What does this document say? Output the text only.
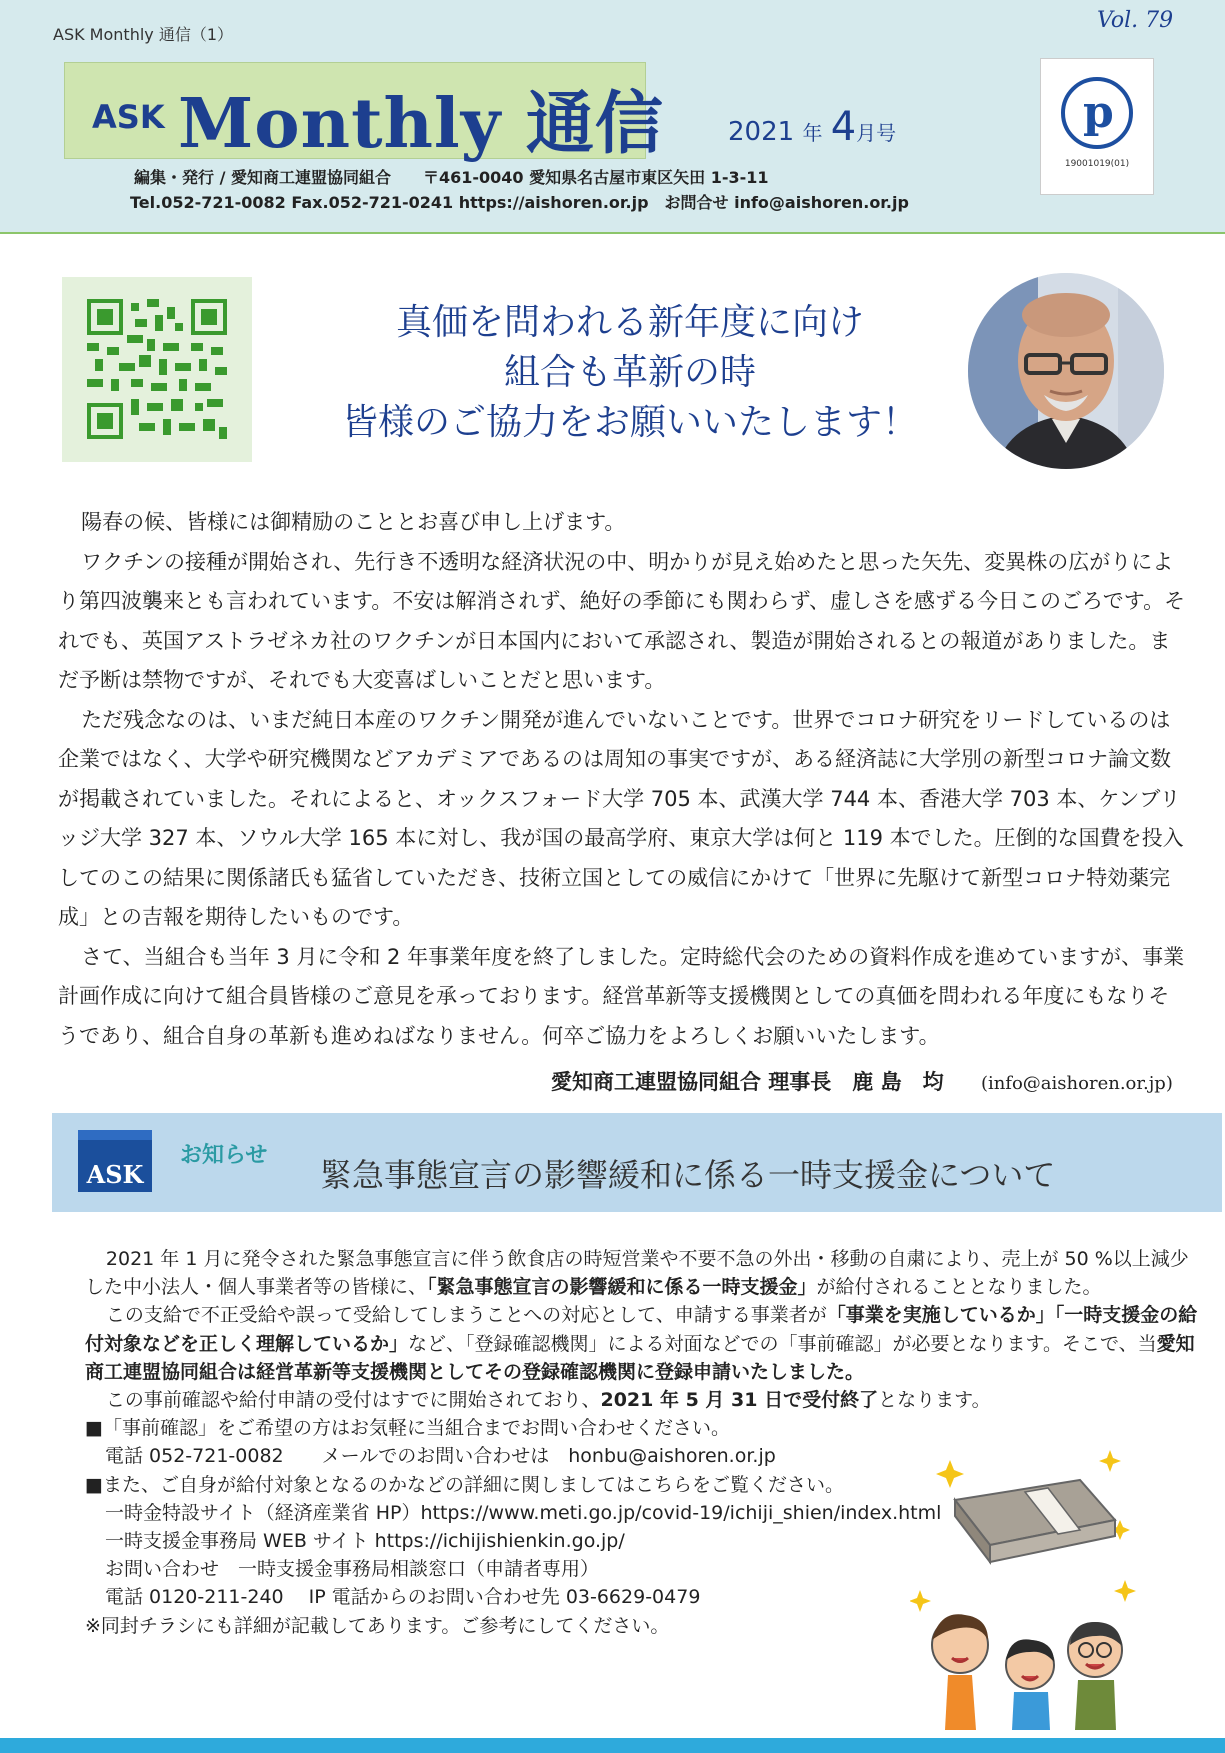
ASK Monthly 通信（1）
Vol. 79
ASK Monthly 通信 2021 年 4月号
編集・発行 / 愛知商工連盟協同組合　　〒461-0040 愛知県名古屋市東区矢田 1-3-11
Tel.052-721-0082 Fax.052-721-0241 https://aishoren.or.jp　お問合せ info@aishoren.or.jp
p
19001019(01)
真価を問われる新年度に向け
組合も革新の時
皆様のご協力をお願いいたします！

陽春の候、皆様には御精励のこととお喜び申し上げます。

ワクチンの接種が開始され、先行き不透明な経済状況の中、明かりが見え始めたと思った矢先、変異株の広がりにより第四波襲来とも言われています。不安は解消されず、絶好の季節にも関わらず、虚しさを感ずる今日このごろです。それでも、英国アストラゼネカ社のワクチンが日本国内において承認され、製造が開始されるとの報道がありました。まだ予断は禁物ですが、それでも大変喜ばしいことだと思います。

ただ残念なのは、いまだ純日本産のワクチン開発が進んでいないことです。世界でコロナ研究をリードしているのは企業ではなく、大学や研究機関などアカデミアであるのは周知の事実ですが、ある経済誌に大学別の新型コロナ論文数が掲載されていました。それによると、オックスフォード大学 705 本、武漢大学 744 本、香港大学 703 本、ケンブリッジ大学 327 本、ソウル大学 165 本に対し、我が国の最高学府、東京大学は何と 119 本でした。圧倒的な国費を投入してのこの結果に関係諸氏も猛省していただき、技術立国としての威信にかけて「世界に先駆けて新型コロナ特効薬完成」との吉報を期待したいものです。

さて、当組合も当年 3 月に令和 2 年事業年度を終了しました。定時総代会のための資料作成を進めていますが、事業計画作成に向けて組合員皆様のご意見を承っております。経営革新等支援機関としての真価を問われる年度にもなりそうであり、組合自身の革新も進めねばなりません。何卒ご協力をよろしくお願いいたします。

愛知商工連盟協同組合 理事長　鹿 島　均 (info@aishoren.or.jp)
ASK
お知らせ
緊急事態宣言の影響緩和に係る一時支援金について

2021 年 1 月に発令された緊急事態宣言に伴う飲食店の時短営業や不要不急の外出・移動の自粛により、売上が 50 %以上減少した中小法人・個人事業者等の皆様に、「緊急事態宣言の影響緩和に係る一時支援金」が給付されることとなりました。

この支給で不正受給や誤って受給してしまうことへの対応として、申請する事業者が「事業を実施しているか」「一時支援金の給付対象などを正しく理解しているか」など、「登録確認機関」による対面などでの「事前確認」が必要となります。そこで、当愛知商工連盟協同組合は経営革新等支援機関としてその登録確認機関に登録申請いたしました。

この事前確認や給付申請の受付はすでに開始されており、2021 年 5 月 31 日で受付終了となります。

■「事前確認」をご希望の方はお気軽に当組合までお問い合わせください。

電話 052-721-0082　　メールでのお問い合わせは　honbu@aishoren.or.jp

■また、ご自身が給付対象となるのかなどの詳細に関しましてはこちらをご覧ください。

一時金特設サイト（経済産業省 HP）https://www.meti.go.jp/covid-19/ichiji_shien/index.html

一時支援金事務局 WEB サイト https://ichijishienkin.go.jp/

お問い合わせ　一時支援金事務局相談窓口（申請者専用）

電話 0120-211-240　 IP 電話からのお問い合わせ先 03-6629-0479

※同封チラシにも詳細が記載してあります。ご参考にしてください。
